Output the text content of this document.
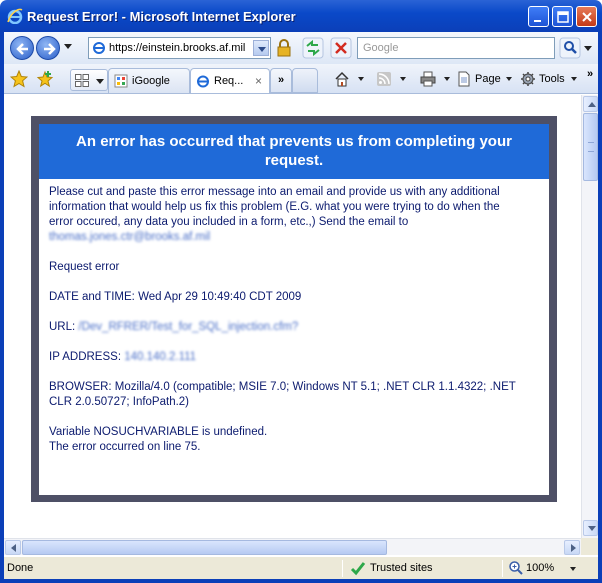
Request Error! - Microsoft Internet Explorer
https://einstein.brooks.af.mil	Google
iGoogle	Req... ×	»	Page	Tools »
An error has occurred that prevents us from completing your request.
Please cut and paste this error message into an email and provide us with any additional
information that would help us fix this problem (E.G. what you were trying to do when the
error occured, any data you included in a form, etc.,) Send the email to
thomas.jones.ctr@brooks.af.mil
Request error
DATE and TIME: Wed Apr 29 10:49:40 CDT 2009
URL: /Dev_RFRER/Test_for_SQL_injection.cfm?
IP ADDRESS: 140.140.2.111
BROWSER: Mozilla/4.0 (compatible; MSIE 7.0; Windows NT 5.1; .NET CLR 1.1.4322; .NET
CLR 2.0.50727; InfoPath.2)
Variable NOSUCHVARIABLE is undefined.
The error occurred on line 75.
Done	Trusted sites	100%
